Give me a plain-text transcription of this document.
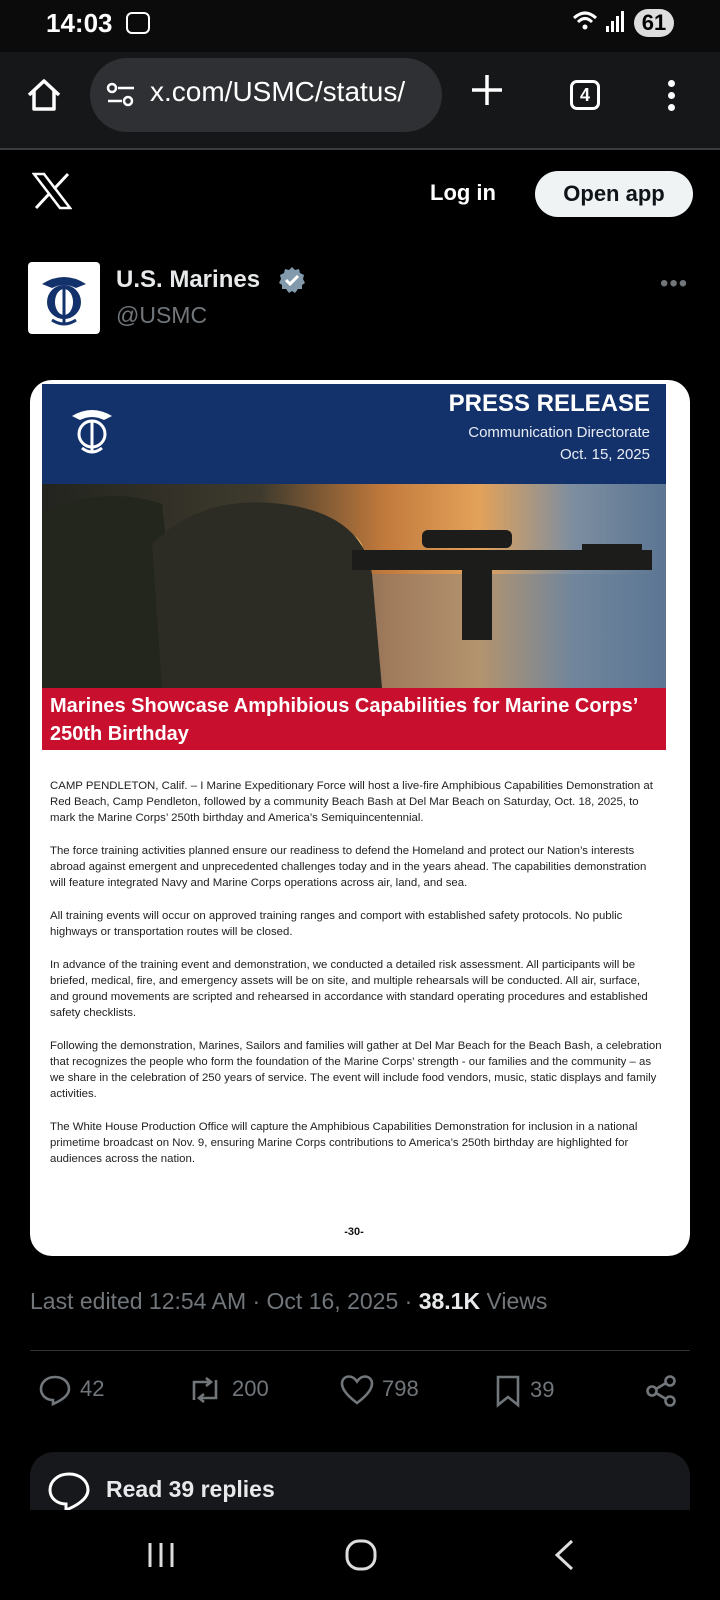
14:03	61
x.com/USMC/status/	4
Log in	Open app
U.S. Marines
@USMC
•••
PRESS RELEASE
Communication Directorate
Oct. 15, 2025
Marines Showcase Amphibious Capabilities for Marine Corps’ 250th Birthday

CAMP PENDLETON, Calif. – I Marine Expeditionary Force will host a live-fire Amphibious Capabilities Demonstration at Red Beach, Camp Pendleton, followed by a community Beach Bash at Del Mar Beach on Saturday, Oct. 18, 2025, to mark the Marine Corps’ 250th birthday and America’s Semiquincentennial.

The force training activities planned ensure our readiness to defend the Homeland and protect our Nation’s interests abroad against emergent and unprecedented challenges today and in the years ahead. The capabilities demonstration will feature integrated Navy and Marine Corps operations across air, land, and sea.

All training events will occur on approved training ranges and comport with established safety protocols. No public highways or transportation routes will be closed.

In advance of the training event and demonstration, we conducted a detailed risk assessment. All participants will be briefed, medical, fire, and emergency assets will be on site, and multiple rehearsals will be conducted. All air, surface, and ground movements are scripted and rehearsed in accordance with standard operating procedures and established safety checklists.

Following the demonstration, Marines, Sailors and families will gather at Del Mar Beach for the Beach Bash, a celebration that recognizes the people who form the foundation of the Marine Corps’ strength - our families and the community – as we share in the celebration of 250 years of service. The event will include food vendors, music, static displays and family activities.

The White House Production Office will capture the Amphibious Capabilities Demonstration for inclusion in a national primetime broadcast on Nov. 9, ensuring Marine Corps contributions to America’s 250th birthday are highlighted for audiences across the nation.

-30-
Last edited 12:54 AM · Oct 16, 2025 · 38.1K Views
42	200	798	39
Read 39 replies
